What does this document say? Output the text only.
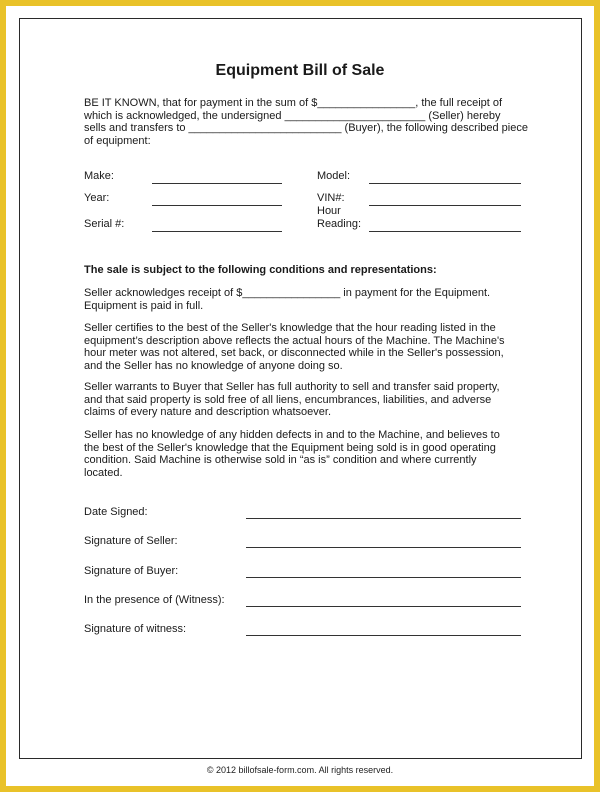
Equipment Bill of Sale
BE IT KNOWN, that for payment in the sum of $________________, the full receipt of
which is acknowledged, the undersigned _______________________ (Seller) hereby
sells and transfers to _________________________ (Buyer), the following described piece
of equipment:
Make:
Year:
Serial #:
Model:
VIN#:
Hour
Reading:
The sale is subject to the following conditions and representations:
Seller acknowledges receipt of $________________ in payment for the Equipment.
Equipment is paid in full.
Seller certifies to the best of the Seller's knowledge that the hour reading listed in the
equipment’s description above reflects the actual hours of the Machine. The Machine's
hour meter was not altered, set back, or disconnected while in the Seller's possession,
and the Seller has no knowledge of anyone doing so.
Seller warrants to Buyer that Seller has full authority to sell and transfer said property,
and that said property is sold free of all liens, encumbrances, liabilities, and adverse
claims of every nature and description whatsoever.
Seller has no knowledge of any hidden defects in and to the Machine, and believes to
the best of the Seller's knowledge that the Equipment being sold is in good operating
condition. Said Machine is otherwise sold in “as is” condition and where currently
located.
Date Signed:
Signature of Seller:
Signature of Buyer:
In the presence of (Witness):
Signature of witness:
© 2012 billofsale-form.com. All rights reserved.
